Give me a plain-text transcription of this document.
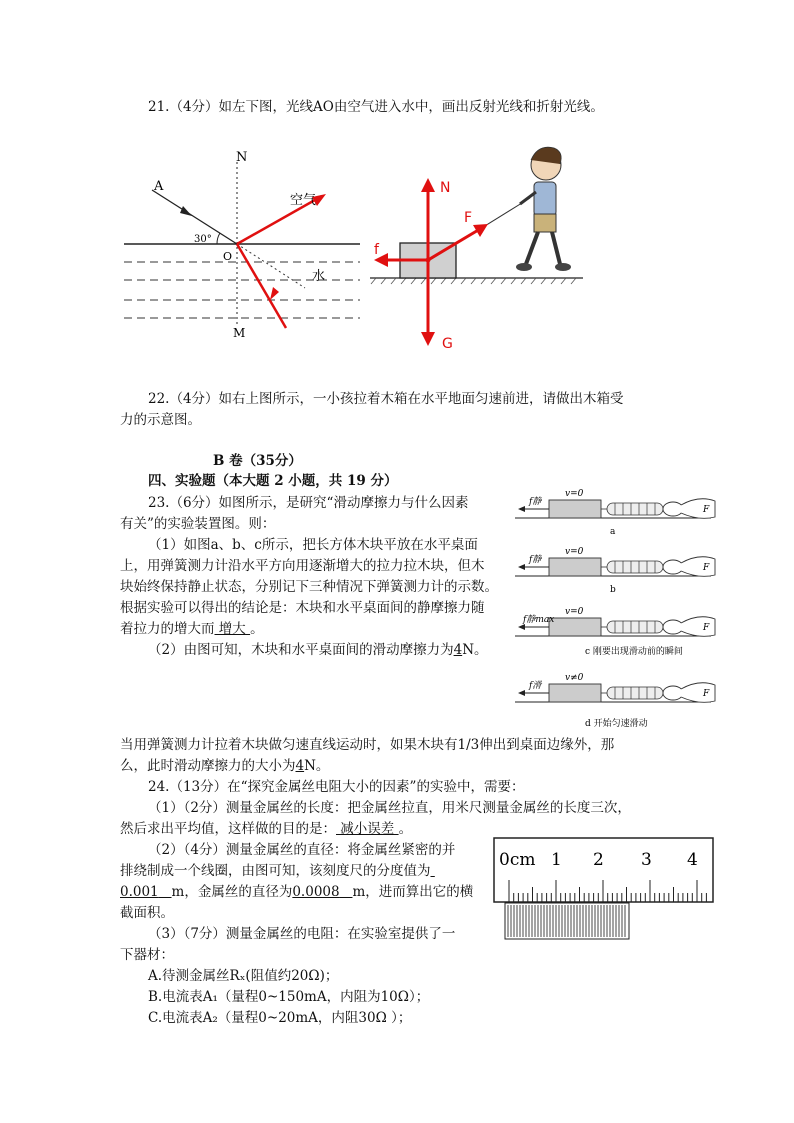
21.（4分）如左下图，光线AO由空气进入水中，画出反射光线和折射光线。
N
M
A
O
30°
空气
水
N
F
f
G
22.（4分）如右上图所示，一小孩拉着木箱在水平地面匀速前进，请做出木箱受
力的示意图。
B 卷（35分）
四、实验题（本大题 2 小题，共 19 分）
23.（6分）如图所示，是研究“滑动摩擦力与什么因素
有关”的实验装置图。则：
（1）如图a、b、c所示，把长方体木块平放在水平桌面
上，用弹簧测力计沿水平方向用逐渐增大的拉力拉木块，但木
块始终保持静止状态，分别记下三种情况下弹簧测力计的示数。
根据实验可以得出的结论是：木块和水平桌面间的静摩擦力随
着拉力的增大而 增大 。
（2）由图可知，木块和水平桌面间的滑动摩擦力为4N。
当用弹簧测力计拉着木块做匀速直线运动时，如果木块有1/3伸出到桌面边缘外，那
么，此时滑动摩擦力的大小为4N。
f静
v=0
F
a
f静
v=0
F
b
f静max
v=0
F
c 刚要出现滑动前的瞬间
f滑
v≠0
F
d 开始匀速滑动
24.（13分）在“探究金属丝电阻大小的因素”的实验中，需要：
（1）（2分）测量金属丝的长度：把金属丝拉直，用米尺测量金属丝的长度三次，
然后求出平均值，这样做的目的是： 减小误差 。
（2）（4分）测量金属丝的直径：将金属丝紧密的并
排绕制成一个线圈，由图可知，该刻度尺的分度值为
0.001 m，金属丝的直径为0.0008 m，进而算出它的横
截面积。
（3）（7分）测量金属丝的电阻：在实验室提供了一
下器材：
A.待测金属丝Rₓ(阻值约20Ω)；
B.电流表A₁（量程0~150mA，内阻为10Ω）；
C.电流表A₂（量程0~20mA，内阻30Ω ）；
0cm 1 2 3 4
